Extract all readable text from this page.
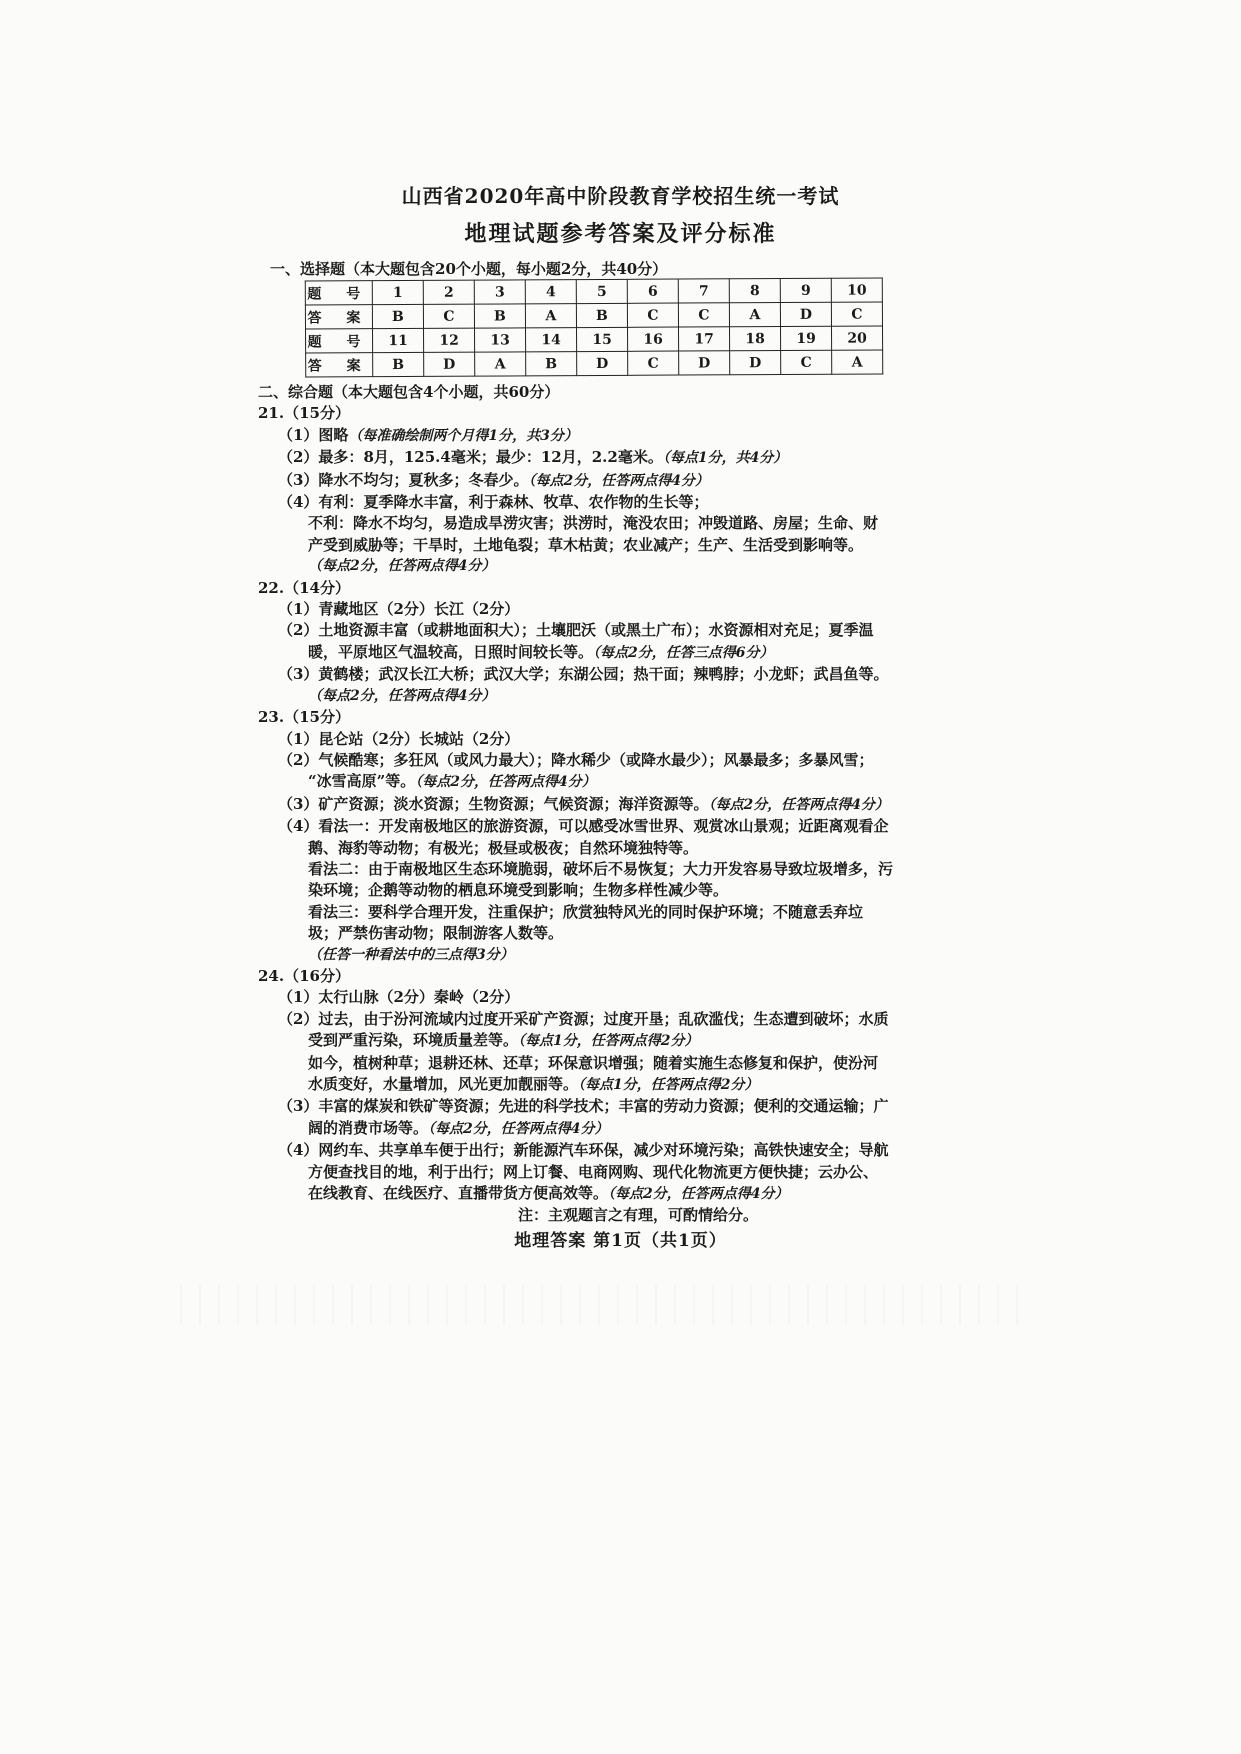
山西省2020年高中阶段教育学校招生统一考试
地理试题参考答案及评分标准
一、选择题（本大题包含20个小题，每小题2分，共40分）
题 号	1	2	3	4	5	6	7	8	9	10
答 案	B	C	B	A	B	C	C	A	D	C
题 号	11	12	13	14	15	16	17	18	19	20
答 案	B	D	A	B	D	C	D	D	C	A
二、综合题（本大题包含4个小题，共60分）
21.（15分）
（1）图略（每准确绘制两个月得1分，共3分）
（2）最多：8月，125.4毫米；最少：12月，2.2毫米。（每点1分，共4分）
（3）降水不均匀；夏秋多；冬春少。（每点2分，任答两点得4分）
（4）有利：夏季降水丰富，利于森林、牧草、农作物的生长等；
不利：降水不均匀，易造成旱涝灾害；洪涝时，淹没农田；冲毁道路、房屋；生命、财
产受到威胁等；干旱时，土地龟裂；草木枯黄；农业减产；生产、生活受到影响等。
（每点2分，任答两点得4分）
22.（14分）
（1）青藏地区（2分）长江（2分）
（2）土地资源丰富（或耕地面积大）；土壤肥沃（或黑土广布）；水资源相对充足；夏季温
暖，平原地区气温较高，日照时间较长等。（每点2分，任答三点得6分）
（3）黄鹤楼；武汉长江大桥；武汉大学；东湖公园；热干面；辣鸭脖；小龙虾；武昌鱼等。
（每点2分，任答两点得4分）
23.（15分）
（1）昆仑站（2分）长城站（2分）
（2）气候酷寒；多狂风（或风力最大）；降水稀少（或降水最少）；风暴最多；多暴风雪；
“冰雪高原”等。（每点2分，任答两点得4分）
（3）矿产资源；淡水资源；生物资源；气候资源；海洋资源等。（每点2分，任答两点得4分）
（4）看法一：开发南极地区的旅游资源，可以感受冰雪世界、观赏冰山景观；近距离观看企
鹅、海豹等动物；有极光；极昼或极夜；自然环境独特等。
看法二：由于南极地区生态环境脆弱，破坏后不易恢复；大力开发容易导致垃圾增多，污
染环境；企鹅等动物的栖息环境受到影响；生物多样性减少等。
看法三：要科学合理开发，注重保护；欣赏独特风光的同时保护环境；不随意丢弃垃
圾；严禁伤害动物；限制游客人数等。
（任答一种看法中的三点得3分）
24.（16分）
（1）太行山脉（2分）秦岭（2分）
（2）过去，由于汾河流域内过度开采矿产资源；过度开垦；乱砍滥伐；生态遭到破坏；水质
受到严重污染，环境质量差等。（每点1分，任答两点得2分）
如今，植树种草；退耕还林、还草；环保意识增强；随着实施生态修复和保护，使汾河
水质变好，水量增加，风光更加靓丽等。（每点1分，任答两点得2分）
（3）丰富的煤炭和铁矿等资源；先进的科学技术；丰富的劳动力资源；便利的交通运输；广
阔的消费市场等。（每点2分，任答两点得4分）
（4）网约车、共享单车便于出行；新能源汽车环保，减少对环境污染；高铁快速安全；导航
方便查找目的地，利于出行；网上订餐、电商网购、现代化物流更方便快捷；云办公、
在线教育、在线医疗、直播带货方便高效等。（每点2分，任答两点得4分）
注：主观题言之有理，可酌情给分。
地理答案 第1页（共1页）
